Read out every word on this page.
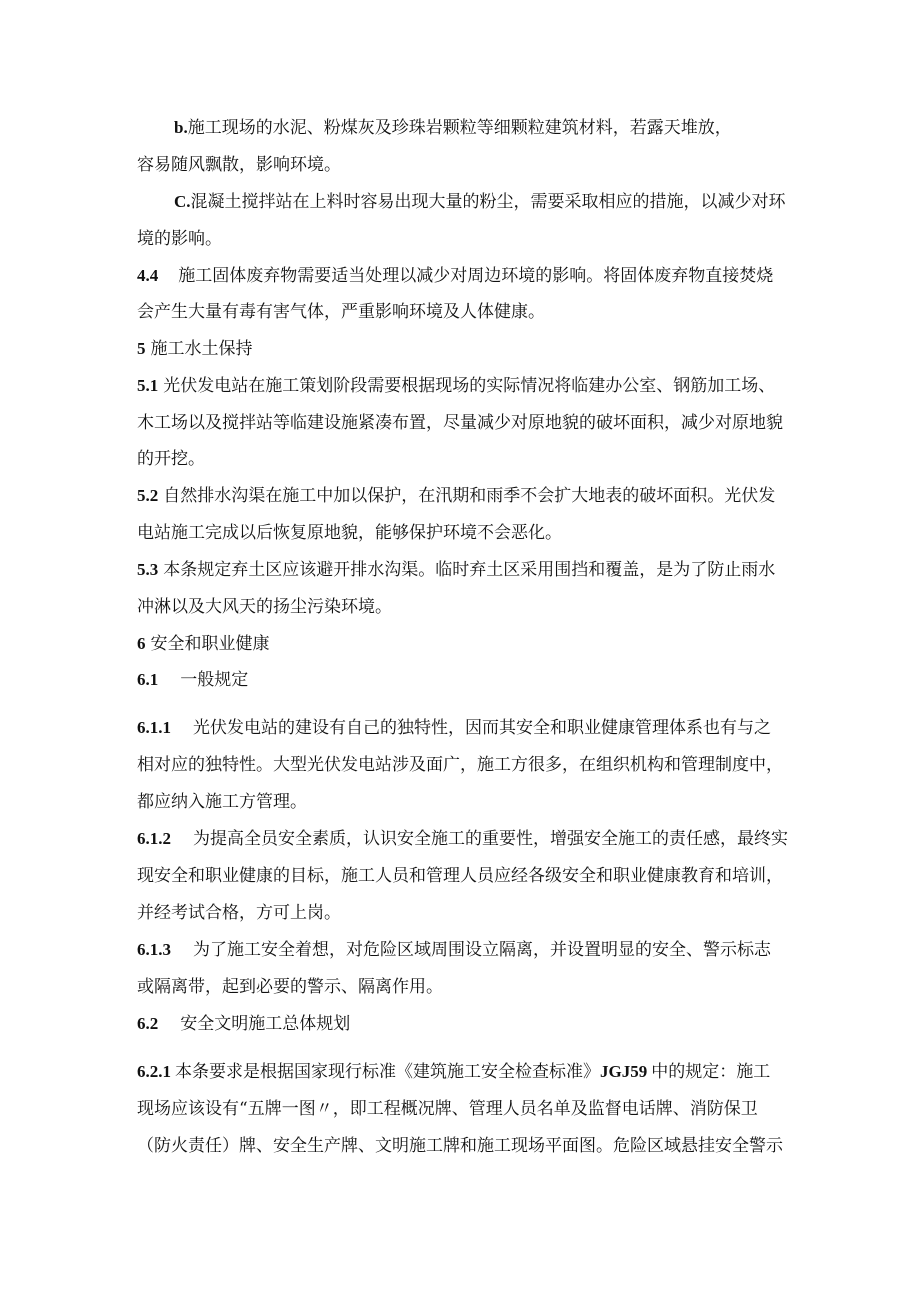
b.施工现场的水泥、粉煤灰及珍珠岩颗粒等细颗粒建筑材料，若露天堆放，

容易随风飘散，影响环境。

C.混凝土搅拌站在上料时容易出现大量的粉尘，需要采取相应的措施，以减少对环

境的影响。

4.4 施工固体废弃物需要适当处理以减少对周边环境的影响。将固体废弃物直接焚烧

会产生大量有毒有害气体，严重影响环境及人体健康。

5 施工水土保持

5.1 光伏发电站在施工策划阶段需要根据现场的实际情况将临建办公室、钢筋加工场、

木工场以及搅拌站等临建设施紧凑布置，尽量减少对原地貌的破坏面积，减少对原地貌

的开挖。

5.2 自然排水沟渠在施工中加以保护，在汛期和雨季不会扩大地表的破坏面积。光伏发

电站施工完成以后恢复原地貌，能够保护环境不会恶化。

5.3 本条规定弃土区应该避开排水沟渠。临时弃土区采用围挡和覆盖，是为了防止雨水

冲淋以及大风天的扬尘污染环境。

6 安全和职业健康

6.1 一般规定

6.1.1 光伏发电站的建设有自己的独特性，因而其安全和职业健康管理体系也有与之

相对应的独特性。大型光伏发电站涉及面广，施工方很多，在组织机构和管理制度中，

都应纳入施工方管理。

6.1.2 为提高全员安全素质，认识安全施工的重要性，增强安全施工的责任感，最终实

现安全和职业健康的目标，施工人员和管理人员应经各级安全和职业健康教育和培训，

并经考试合格，方可上岗。

6.1.3 为了施工安全着想，对危险区域周围设立隔离，并设置明显的安全、警示标志

或隔离带，起到必要的警示、隔离作用。

6.2 安全文明施工总体规划

6.2.1 本条要求是根据国家现行标准《建筑施工安全检查标准》JGJ59 中的规定：施工

现场应该设有“五牌一图〃，即工程概况牌、管理人员名单及监督电话牌、消防保卫

（防火责任）牌、安全生产牌、文明施工牌和施工现场平面图。危险区域悬挂安全警示
